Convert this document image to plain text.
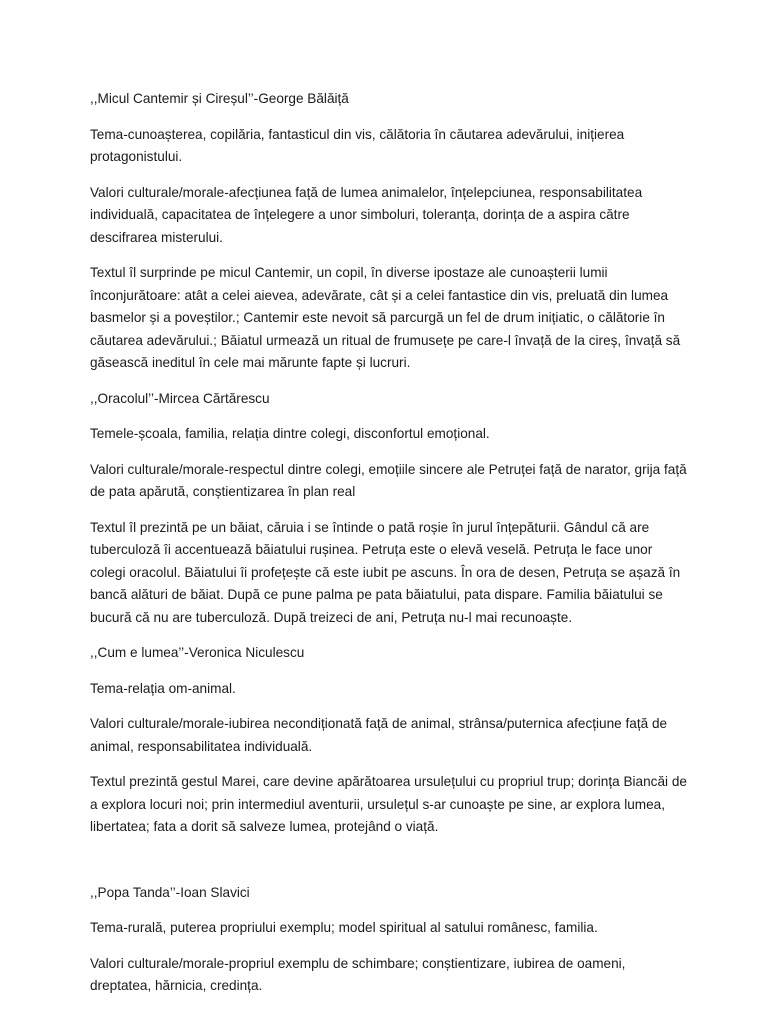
,,Micul Cantemir și Cireșul’’-George Bălăiță

Tema-cunoașterea, copilăria, fantasticul din vis, călătoria în căutarea adevărului, inițierea protagonistului.

Valori culturale/morale-afecțiunea față de lumea animalelor, înțelepciunea, responsabilitatea individuală, capacitatea de înțelegere a unor simboluri, toleranța, dorința de a aspira către descifrarea misterului.

Textul îl surprinde pe micul Cantemir, un copil, în diverse ipostaze ale cunoașterii lumii înconjurătoare: atât a celei aievea, adevărate, cât și a celei fantastice din vis, preluată din lumea basmelor și a poveștilor.; Cantemir este nevoit să parcurgă un fel de drum inițiatic, o călătorie în căutarea adevărului.; Băiatul urmează un ritual de frumusețe pe care-l învață de la cireș, învață să găsească ineditul în cele mai mărunte fapte și lucruri.

,,Oracolul’’-Mircea Cărtărescu

Temele-școala, familia, relația dintre colegi, disconfortul emoțional.

Valori culturale/morale-respectul dintre colegi, emoțiile sincere ale Petruței față de narator, grija față de pata apărută, conștientizarea în plan real

Textul îl prezintă pe un băiat, căruia i se întinde o pată roșie în jurul înțepăturii. Gândul că are tuberculoză îi accentuează băiatului rușinea. Petruța este o elevă veselă. Petruța le face unor colegi oracolul. Băiatului îi profețește că este iubit pe ascuns. În ora de desen, Petruța se așază în bancă alături de băiat. După ce pune palma pe pata băiatului, pata dispare. Familia băiatului se bucură că nu are tuberculoză. După treizeci de ani, Petruța nu-l mai recunoaște.

,,Cum e lumea’’-Veronica Niculescu

Tema-relația om-animal.

Valori culturale/morale-iubirea necondiționată față de animal, strânsa/puternica afecțiune față de animal, responsabilitatea individuală.

Textul prezintă gestul Marei, care devine apărătoarea ursulețului cu propriul trup; dorința Biancăi de a explora locuri noi; prin intermediul aventurii, ursulețul s-ar cunoaște pe sine, ar explora lumea, libertatea; fata a dorit să salveze lumea, protejând o viață.

,,Popa Tanda’’-Ioan Slavici

Tema-rurală, puterea propriului exemplu; model spiritual al satului românesc, familia.

Valori culturale/morale-propriul exemplu de schimbare; conștientizare, iubirea de oameni, dreptatea, hărnicia, credința.
